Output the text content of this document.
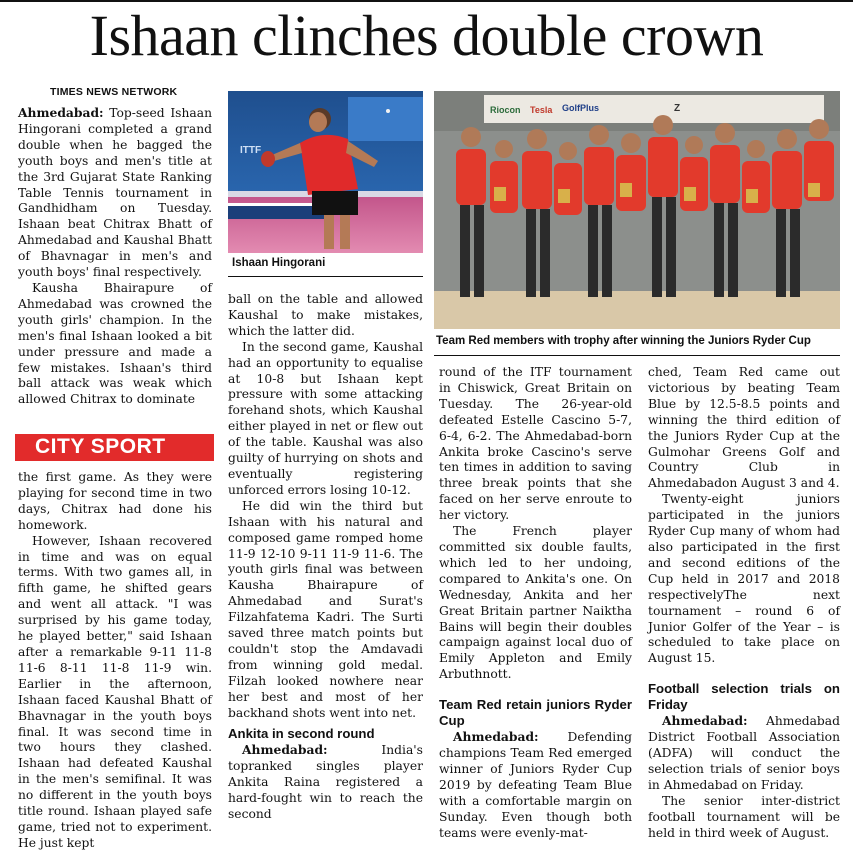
Ishaan clinches double crown
TIMES NEWS NETWORK

Ahmedabad: Top-seed Ishaan Hingorani completed a grand double when he bagged the youth boys and men's title at the 3rd Gujarat State Ranking Table Tennis tournament in Gandhidham on Tuesday. Ishaan beat Chitrax Bhatt of Ahmedabad and Kaushal Bhatt of Bhavnagar in men's and youth boys' final respectively.

Kausha Bhairapure of Ahmedabad was crowned the youth girls' champion. In the men's final Ishaan looked a bit under pressure and made a few mistakes. Ishaan's third ball attack was weak which allowed Chitrax to dominate

CITY SPORT

the first game. As they were playing for second time in two days, Chitrax had done his homework.

However, Ishaan recovered in time and was on equal terms. With two games all, in fifth game, he shifted gears and went all attack. "I was surprised by his game today, he played better," said Ishaan after a remarkable 9-11 11-8 11-6 8-11 11-8 11-9 win. Earlier in the afternoon, Ishaan faced Kaushal Bhatt of Bhavnagar in the youth boys final. It was second time in two hours they clashed. Ishaan had defeated Kaushal in the men's semifinal. It was no different in the youth boys title round. Ishaan played safe game, tried not to experiment. He just kept

ITTF
Ishaan Hingorani
Riocon Tesla GolfPlus	Z
Team Red members with trophy after winning the Juniors Ryder Cup

ball on the table and allowed Kaushal to make mistakes, which the latter did.

In the second game, Kaushal had an opportunity to equalise at 10-8 but Ishaan kept pressure with some attacking forehand shots, which Kaushal either played in net or flew out of the table. Kaushal was also guilty of hurrying on shots and eventually registering unforced errors losing 10-12.

He did win the third but Ishaan with his natural and composed game romped home 11-9 12-10 9-11 11-9 11-6. The youth girls final was between Kausha Bhairapure of Ahmedabad and Surat's Filzahfatema Kadri. The Surti saved three match points but couldn't stop the Amdavadi from winning gold medal. Filzah looked nowhere near her best and most of her backhand shots went into net.

Ankita in second round

Ahmedabad:	India's topranked singles player Ankita Raina registered a hard-fought win to reach the second

round of the ITF tournament in Chiswick, Great Britain on Tuesday. The 26-year-old defeated Estelle Cascino 5-7, 6-4, 6-2. The Ahmedabad-born Ankita broke Cascino's serve ten times in addition to saving three break points that she faced on her serve enroute to her victory.

The French player committed six double faults, which led to her undoing, compared to Ankita's one. On Wednesday, Ankita and her Great Britain partner Naiktha Bains will begin their doubles campaign against local duo of Emily Appleton and Emily Arbuthnott.

Team Red retain juniors Ryder Cup

Ahmedabad: Defending champions Team Red emerged winner of Juniors Ryder Cup 2019 by defeating Team Blue with a comfortable margin on Sunday. Even though both teams were evenly-mat-

ched, Team Red came out victorious by beating Team Blue by 12.5-8.5 points and winning the third edition of the Juniors Ryder Cup at the Gulmohar Greens Golf and Country Club in Ahmedabadon August 3 and 4.

Twenty-eight juniors participated in the juniors Ryder Cup many of whom had also participated in the first and second editions of the Cup held in 2017 and 2018 respectivelyThe next tournament – round 6 of Junior Golfer of the Year – is scheduled to take place on August 15.

Football selection trials on Friday

Ahmedabad: Ahmedabad District Football Association (ADFA) will conduct the selection trials of senior boys in Ahmedabad on Friday.

The senior inter-district football tournament will be held in third week of August.
